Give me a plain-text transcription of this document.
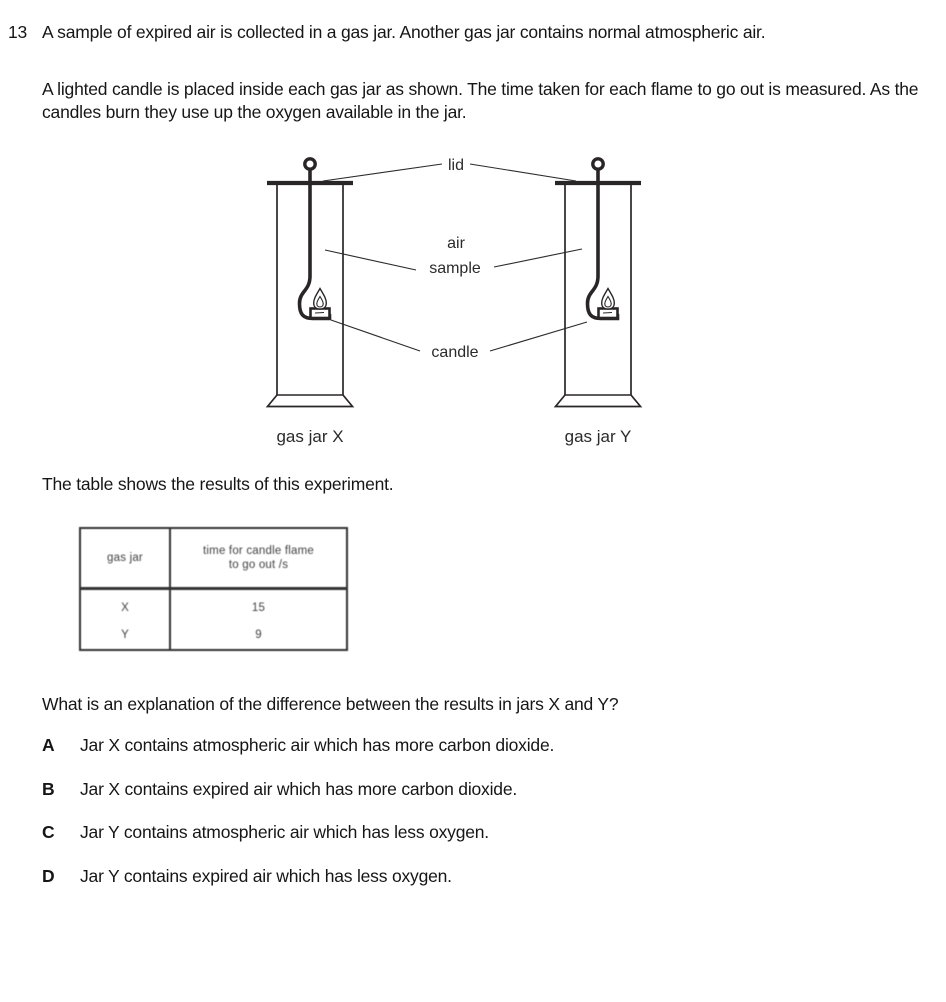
13 A sample of expired air is collected in a gas jar. Another gas jar contains normal atmospheric air.
A lighted candle is placed inside each gas jar as shown. The time taken for each flame to go out is measured. As the candles burn they use up the oxygen available in the jar.
lid
air
sample
candle
gas jar X	gas jar Y
The table shows the results of this experiment.
gas jar	time for candle flame
to go out /s

X	15
Y	9
What is an explanation of the difference between the results in jars X and Y?
A	Jar X contains atmospheric air which has more carbon dioxide.
B	Jar X contains expired air which has more carbon dioxide.
C	Jar Y contains atmospheric air which has less oxygen.
D	Jar Y contains expired air which has less oxygen.
